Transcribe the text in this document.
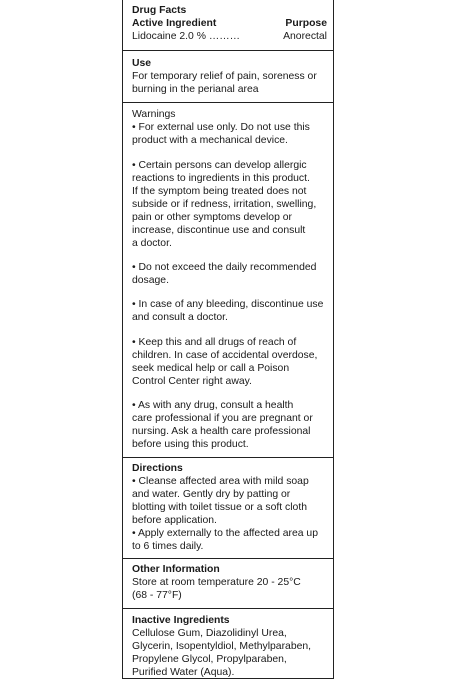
Drug Facts
Active Ingredient	Purpose
Lidocaine 2.0 % ………	Anorectal
Use
For temporary relief of pain, soreness or
burning in the perianal area
Warnings
• For external use only. Do not use this
product with a mechanical device.
• Certain persons can develop allergic
reactions to ingredients in this product.
If the symptom being treated does not
subside or if redness, irritation, swelling,
pain or other symptoms develop or
increase, discontinue use and consult
a doctor.
• Do not exceed the daily recommended
dosage.
• In case of any bleeding, discontinue use
and consult a doctor.
• Keep this and all drugs of reach of
children. In case of accidental overdose,
seek medical help or call a Poison
Control Center right away.
• As with any drug, consult a health
care professional if you are pregnant or
nursing. Ask a health care professional
before using this product.
Directions
• Cleanse affected area with mild soap
and water. Gently dry by patting or
blotting with toilet tissue or a soft cloth
before application.
• Apply externally to the affected area up
to 6 times daily.
Other Information
Store at room temperature 20 - 25°C
(68 - 77°F)
Inactive Ingredients
Cellulose Gum, Diazolidinyl Urea,
Glycerin, Isopentyldiol, Methylparaben,
Propylene Glycol, Propylparaben,
Purified Water (Aqua).
